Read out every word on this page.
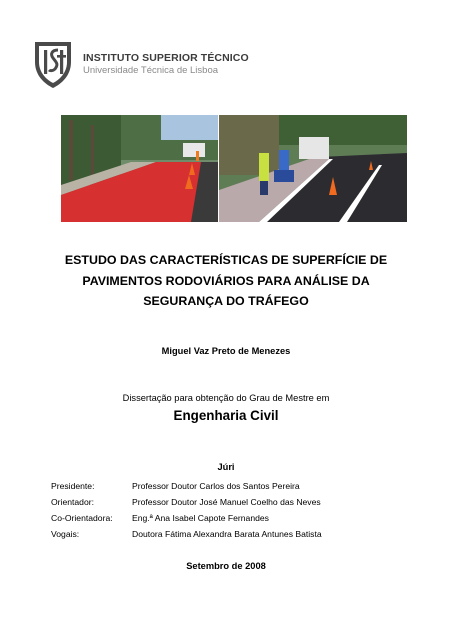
INSTITUTO SUPERIOR TÉCNICO
Universidade Técnica de Lisboa
ESTUDO DAS CARACTERÍSTICAS DE SUPERFÍCIE DE
PAVIMENTOS RODOVIÁRIOS PARA ANÁLISE DA
SEGURANÇA DO TRÁFEGO
Miguel Vaz Preto de Menezes
Dissertação para obtenção do Grau de Mestre em
Engenharia Civil
Júri
Presidente:	Professor Doutor Carlos dos Santos Pereira
Orientador:	Professor Doutor José Manuel Coelho das Neves
Co-Orientadora: Eng.ª Ana Isabel Capote Fernandes
Vogais:	Doutora Fátima Alexandra Barata Antunes Batista
Setembro de 2008
